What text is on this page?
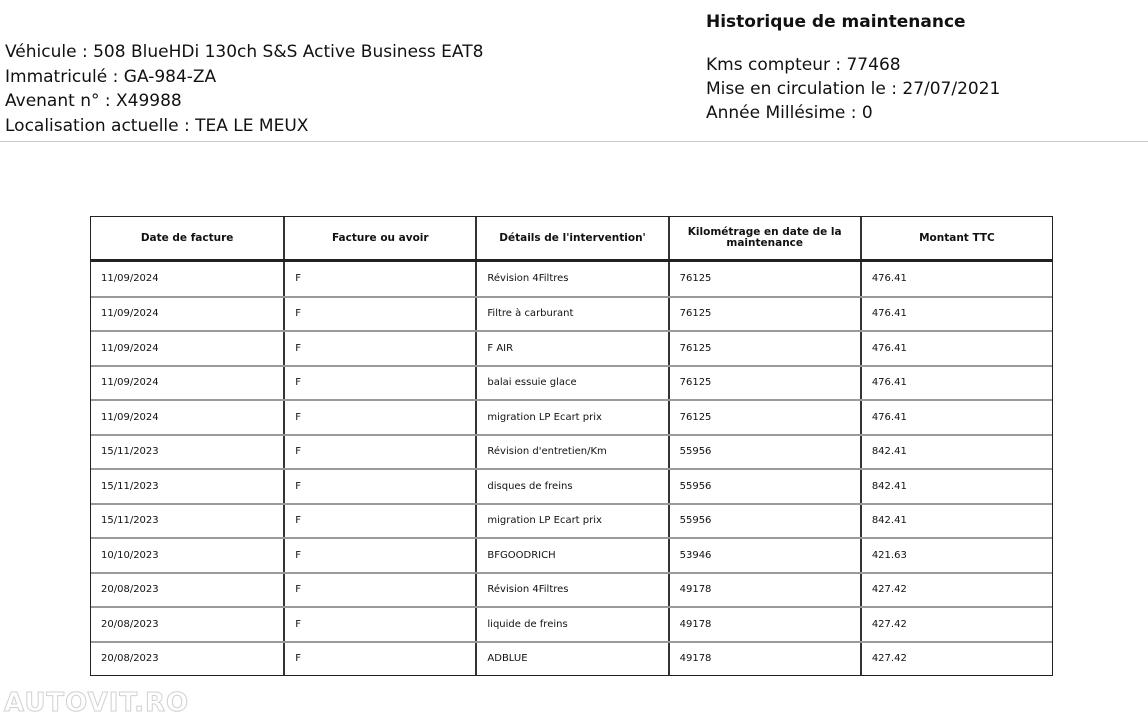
Véhicule : 508 BlueHDi 130ch S&S Active Business EAT8
Immatriculé : GA-984-ZA
Avenant n° : X49988
Localisation actuelle : TEA LE MEUX
Historique de maintenance
Kms compteur : 77468
Mise en circulation le : 27/07/2021
Année Millésime : 0
Date de facture	Facture ou avoir	Détails de l'intervention'	Kilométrage en date de la maintenance	Montant TTC
11/09/2024	F	Révision 4Filtres	76125	476.41
11/09/2024	F	Filtre à carburant	76125	476.41
11/09/2024	F	F AIR	76125	476.41
11/09/2024	F	balai essuie glace	76125	476.41
11/09/2024	F	migration LP Ecart prix	76125	476.41
15/11/2023	F	Révision d'entretien/Km	55956	842.41
15/11/2023	F	disques de freins	55956	842.41
15/11/2023	F	migration LP Ecart prix	55956	842.41
10/10/2023	F	BFGOODRICH	53946	421.63
20/08/2023	F	Révision 4Filtres	49178	427.42
20/08/2023	F	liquide de freins	49178	427.42
20/08/2023	F	ADBLUE	49178	427.42
AUTOVIT.RO
